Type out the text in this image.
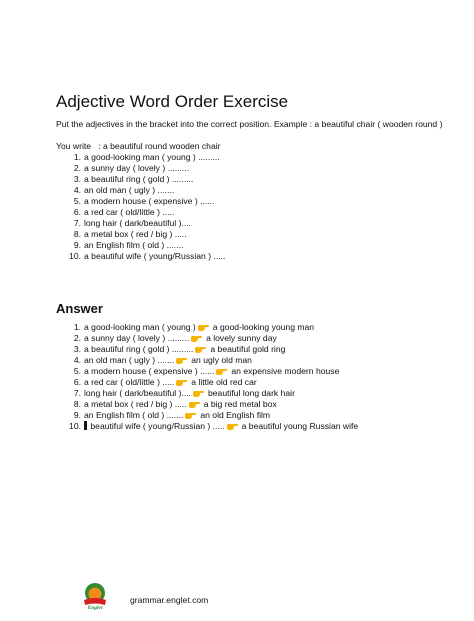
Adjective Word Order Exercise

Put the adjectives in the bracket into the correct position. Example : a beautiful chair ( wooden round )

You write   : a beautiful round wooden chair
1. a good-looking man ( young ) .........
2. a sunny day ( lovely ) .........
3. a beautiful ring ( gold ) .........
4. an old man ( ugly ) .......
5. a modern house ( expensive ) ......
6. a red car ( old/little ) .....
7. long hair ( dark/beautiful )....
8. a metal box ( red / big ) .....
9. an English film ( old ) .......
10. a beautiful wife ( young/Russian ) .....
Answer
1. a good-looking man ( young ) a good-looking young man
2. a sunny day ( lovely ) ......... a lovely sunny day
3. a beautiful ring ( gold ) ......... a beautiful gold ring
4. an old man ( ugly ) ....... an ugly old man
5. a modern house ( expensive ) ...... an expensive modern house
6. a red car ( old/little ) ..... a little old red car
7. long hair ( dark/beautiful ).... beautiful long dark hair
8. a metal box ( red / big ) ..... a big red metal box
9. an English film ( old ) ....... an old English film
10. beautiful wife ( young/Russian ) ..... a beautiful young Russian wife
Englet
grammar.englet.com
